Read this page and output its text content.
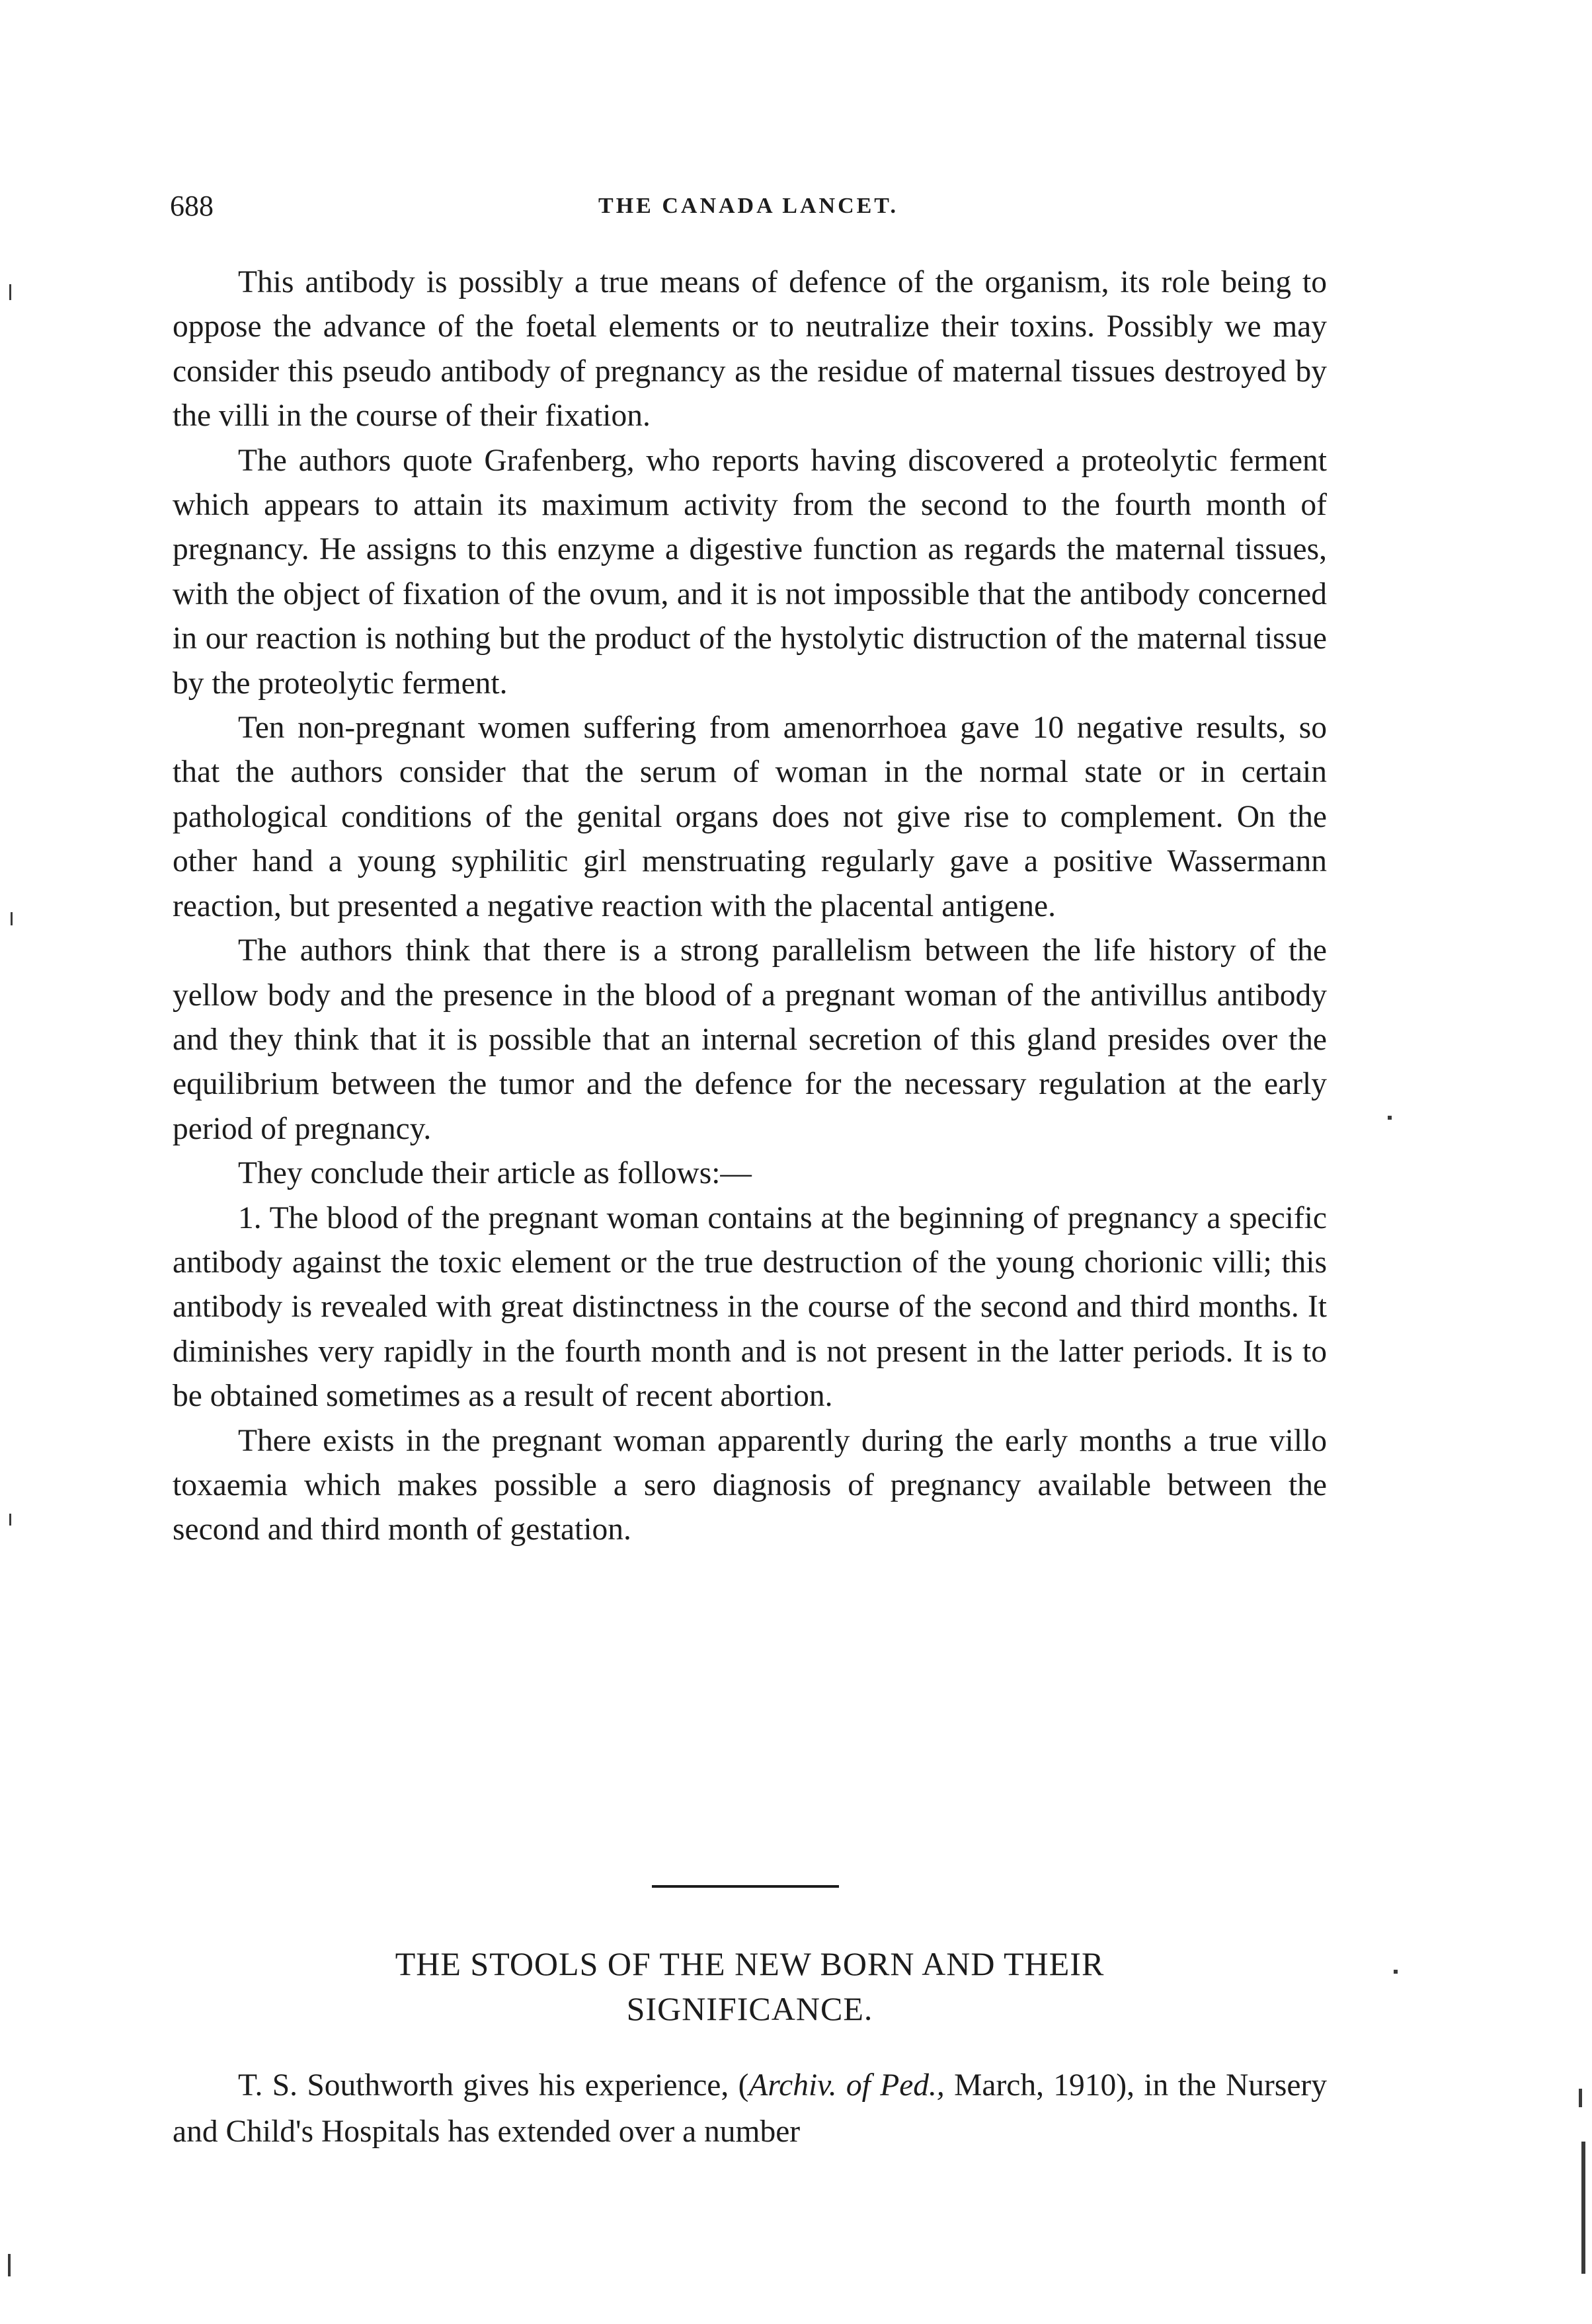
688	THE CANADA LANCET.

This antibody is possibly a true means of defence of the organism, its role being to oppose the advance of the foetal elements or to neutralize their toxins. Possibly we may consider this pseudo antibody of pregnancy as the residue of maternal tissues destroyed by the villi in the course of their fixation.

The authors quote Grafenberg, who reports having discovered a proteolytic ferment which appears to attain its maximum activity from the second to the fourth month of pregnancy. He assigns to this enzyme a digestive function as regards the maternal tissues, with the object of fixation of the ovum, and it is not impossible that the antibody concerned in our reaction is nothing but the product of the hystolytic distruction of the maternal tissue by the proteolytic ferment.

Ten non-pregnant women suffering from amenorrhoea gave 10 negative results, so that the authors consider that the serum of woman in the normal state or in certain pathological conditions of the genital organs does not give rise to complement. On the other hand a young syphilitic girl menstruating regularly gave a positive Wassermann reaction, but presented a negative reaction with the placental antigene.

The authors think that there is a strong parallelism between the life history of the yellow body and the presence in the blood of a pregnant woman of the antivillus antibody and they think that it is possible that an internal secretion of this gland presides over the equilibrium between the tumor and the defence for the necessary regulation at the early period of pregnancy.

They conclude their article as follows:—

1. The blood of the pregnant woman contains at the beginning of pregnancy a specific antibody against the toxic element or the true destruction of the young chorionic villi; this antibody is revealed with great distinctness in the course of the second and third months. It diminishes very rapidly in the fourth month and is not present in the latter periods. It is to be obtained sometimes as a result of recent abortion.

There exists in the pregnant woman apparently during the early months a true villo toxaemia which makes possible a sero diagnosis of pregnancy available between the second and third month of gestation.

THE STOOLS OF THE NEW BORN AND THEIR
SIGNIFICANCE.

T. S. Southworth gives his experience, (Archiv. of Ped., March, 1910), in the Nursery and Child's Hospitals has extended over a number
